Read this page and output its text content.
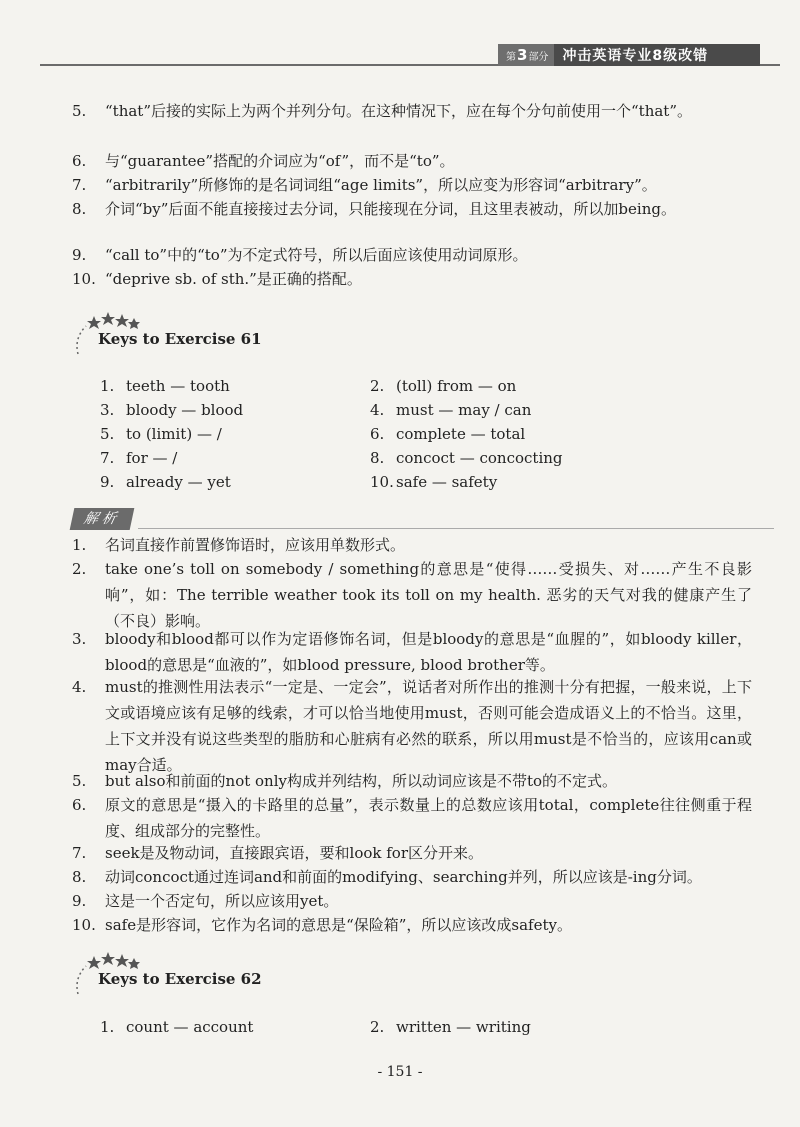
第 3 部分	冲击英语专业8级改错
5.	“that”后接的实际上为两个并列分句。在这种情况下，应在每个分句前使用一个“that”。
6.	与“guarantee”搭配的介词应为“of”，而不是“to”。
7.	“arbitrarily”所修饰的是名词词组“age limits”，所以应变为形容词“arbitrary”。
8.	介词“by”后面不能直接接过去分词，只能接现在分词，且这里表被动，所以加being。
9.	“call to”中的“to”为不定式符号，所以后面应该使用动词原形。
10. “deprive sb. of sth.”是正确的搭配。
Keys to Exercise 61
1. teeth — tooth	2. (toll) from — on
3. bloody — blood	4. must — may / can
5. to (limit) — /	6. complete — total
7. for — /	8. concoct — concocting
9. already — yet	10. safe — safety
解析
1.	名词直接作前置修饰语时，应该用单数形式。
2.	take one’s toll on somebody / something的意思是“使得……受损失、对……产生不良影响”，如：The terrible weather took its toll on my health. 恶劣的天气对我的健康产生了（不良）影响。
3.	bloody和blood都可以作为定语修饰名词，但是bloody的意思是“血腥的”，如bloody killer，blood的意思是“血液的”，如blood pressure, blood brother等。
4.	must的推测性用法表示“一定是、一定会”，说话者对所作出的推测十分有把握，一般来说，上下文或语境应该有足够的线索，才可以恰当地使用must，否则可能会造成语义上的不恰当。这里，上下文并没有说这些类型的脂肪和心脏病有必然的联系，所以用must是不恰当的，应该用can或may合适。
5.	but also和前面的not only构成并列结构，所以动词应该是不带to的不定式。
6.	原文的意思是“摄入的卡路里的总量”，表示数量上的总数应该用total，complete往往侧重于程度、组成部分的完整性。
7.	seek是及物动词，直接跟宾语，要和look for区分开来。
8.	动词concoct通过连词and和前面的modifying、searching并列，所以应该是-ing分词。
9.	这是一个否定句，所以应该用yet。
10. safe是形容词，它作为名词的意思是“保险箱”，所以应该改成safety。
Keys to Exercise 62
1. count — account	2. written — writing
- 151 -
